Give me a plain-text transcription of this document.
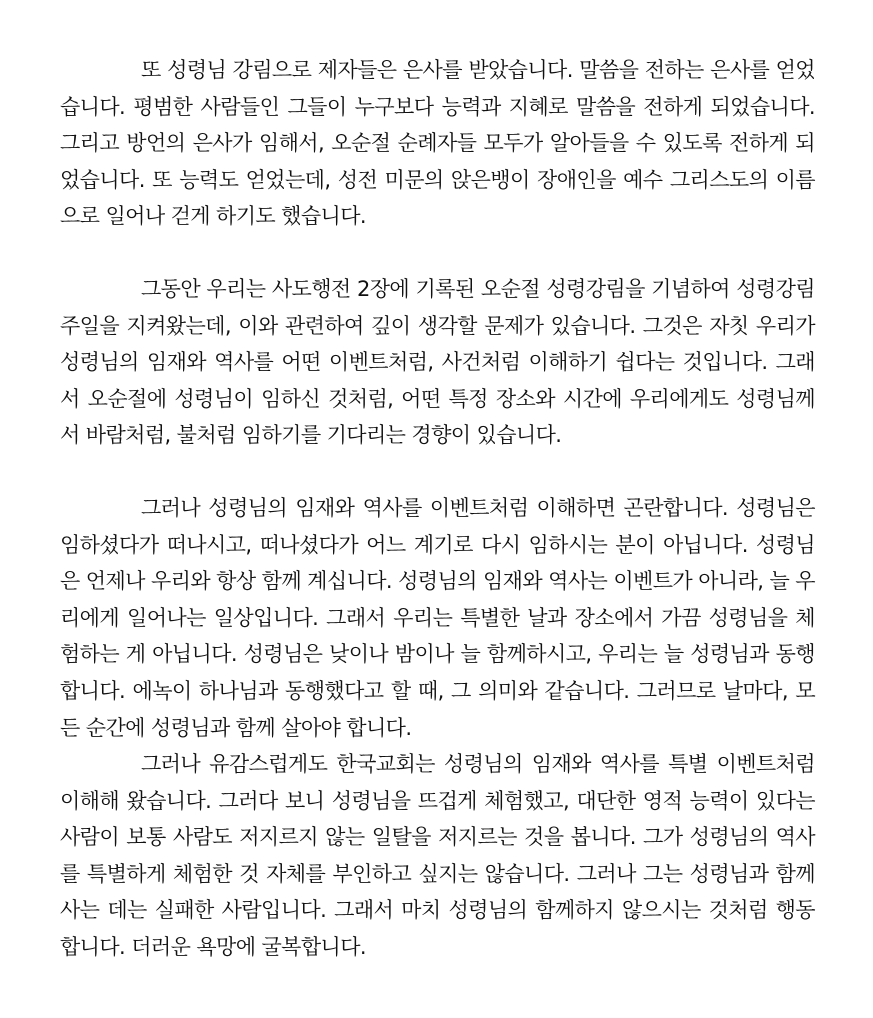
또 성령님 강림으로 제자들은 은사를 받았습니다. 말씀을 전하는 은사를 얻었습니다. 평범한 사람들인 그들이 누구보다 능력과 지혜로 말씀을 전하게 되었습니다. 그리고 방언의 은사가 임해서, 오순절 순례자들 모두가 알아들을 수 있도록 전하게 되었습니다. 또 능력도 얻었는데, 성전 미문의 앉은뱅이 장애인을 예수 그리스도의 이름으로 일어나 걷게 하기도 했습니다.

그동안 우리는 사도행전 2장에 기록된 오순절 성령강림을 기념하여 성령강림 주일을 지켜왔는데, 이와 관련하여 깊이 생각할 문제가 있습니다. 그것은 자칫 우리가 성령님의 임재와 역사를 어떤 이벤트처럼, 사건처럼 이해하기 쉽다는 것입니다. 그래서 오순절에 성령님이 임하신 것처럼, 어떤 특정 장소와 시간에 우리에게도 성령님께서 바람처럼, 불처럼 임하기를 기다리는 경향이 있습니다.

그러나 성령님의 임재와 역사를 이벤트처럼 이해하면 곤란합니다. 성령님은 임하셨다가 떠나시고, 떠나셨다가 어느 계기로 다시 임하시는 분이 아닙니다. 성령님은 언제나 우리와 항상 함께 계십니다. 성령님의 임재와 역사는 이벤트가 아니라, 늘 우리에게 일어나는 일상입니다. 그래서 우리는 특별한 날과 장소에서 가끔 성령님을 체험하는 게 아닙니다. 성령님은 낮이나 밤이나 늘 함께하시고, 우리는 늘 성령님과 동행합니다. 에녹이 하나님과 동행했다고 할 때, 그 의미와 같습니다. 그러므로 날마다, 모든 순간에 성령님과 함께 살아야 합니다.

그러나 유감스럽게도 한국교회는 성령님의 임재와 역사를 특별 이벤트처럼 이해해 왔습니다. 그러다 보니 성령님을 뜨겁게 체험했고, 대단한 영적 능력이 있다는 사람이 보통 사람도 저지르지 않는 일탈을 저지르는 것을 봅니다. 그가 성령님의 역사를 특별하게 체험한 것 자체를 부인하고 싶지는 않습니다. 그러나 그는 성령님과 함께 사는 데는 실패한 사람입니다. 그래서 마치 성령님의 함께하지 않으시는 것처럼 행동합니다. 더러운 욕망에 굴복합니다.
